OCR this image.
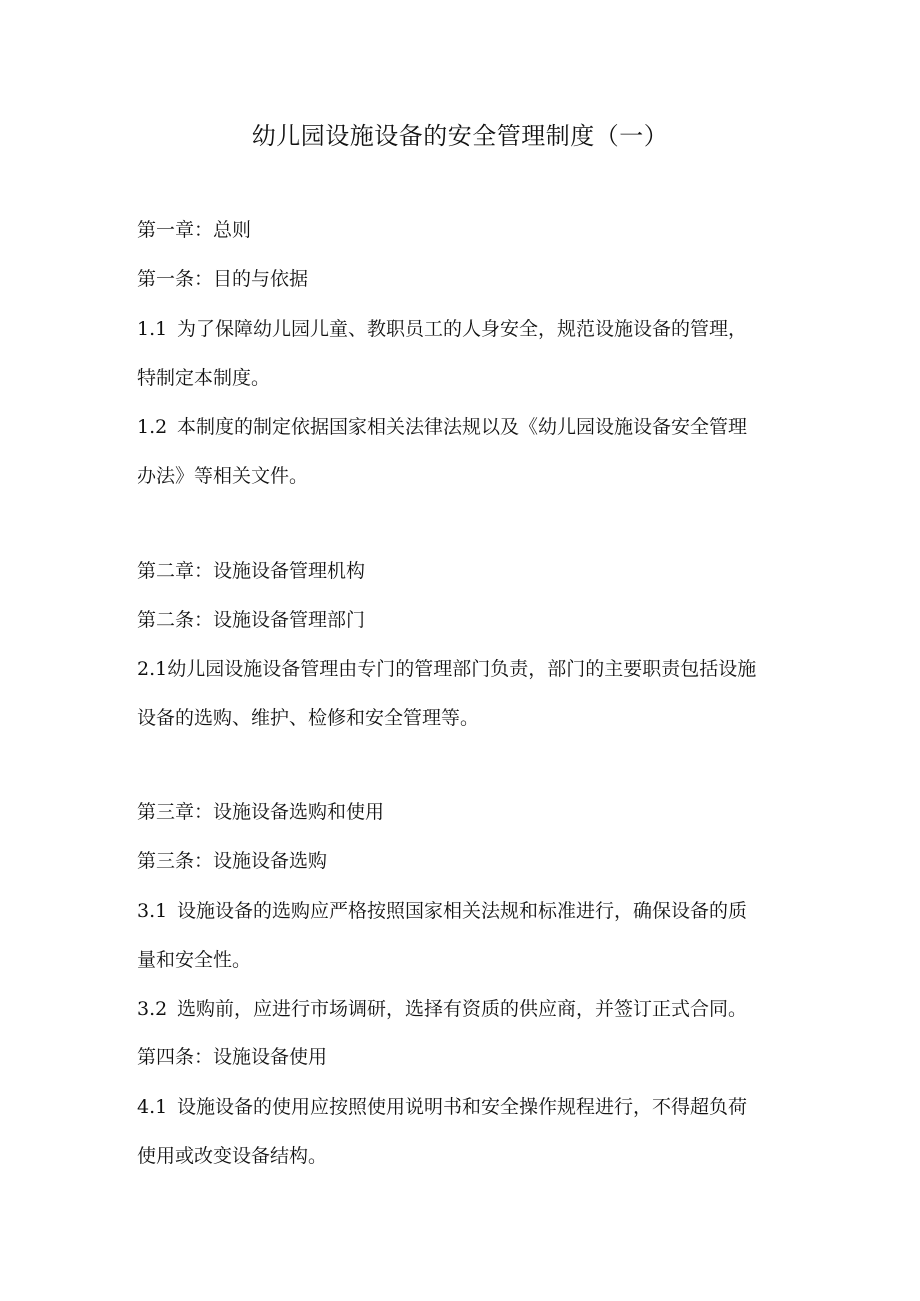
幼儿园设施设备的安全管理制度（一）
第一章：总则
第一条：目的与依据
1.1 为了保障幼儿园儿童、教职员工的人身安全，规范设施设备的管理，
特制定本制度。
1.2 本制度的制定依据国家相关法律法规以及《幼儿园设施设备安全管理
办法》等相关文件。
第二章：设施设备管理机构
第二条：设施设备管理部门
2.1幼儿园设施设备管理由专门的管理部门负责，部门的主要职责包括设施
设备的选购、维护、检修和安全管理等。
第三章：设施设备选购和使用
第三条：设施设备选购
3.1 设施设备的选购应严格按照国家相关法规和标准进行，确保设备的质
量和安全性。
3.2 选购前，应进行市场调研，选择有资质的供应商，并签订正式合同。
第四条：设施设备使用
4.1 设施设备的使用应按照使用说明书和安全操作规程进行，不得超负荷
使用或改变设备结构。
